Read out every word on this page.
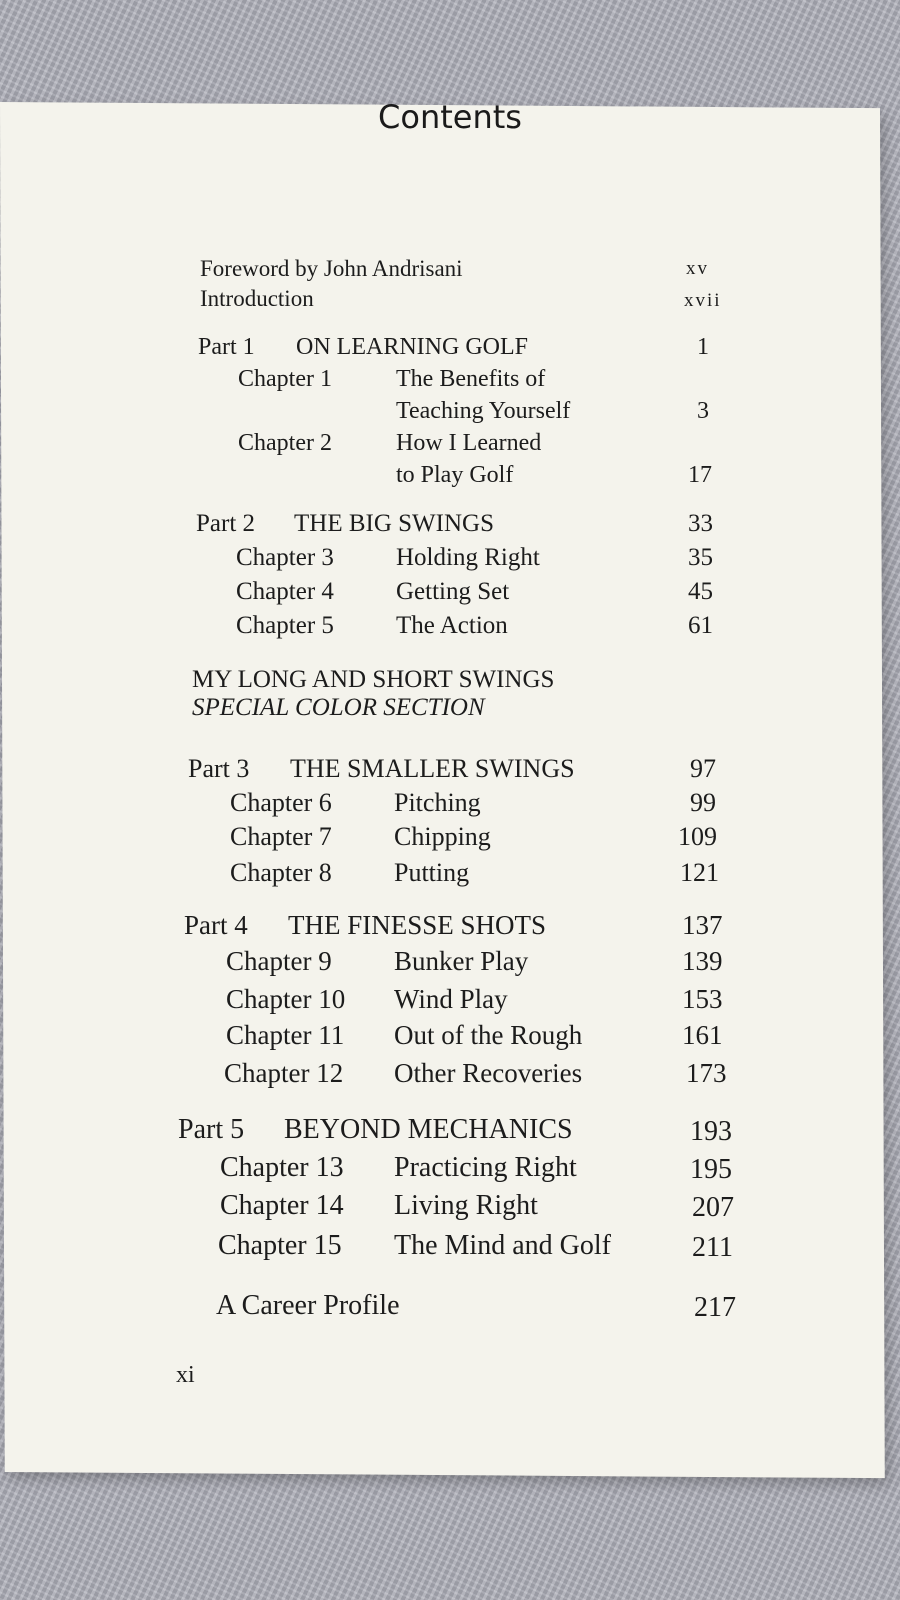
Contents
Foreword by John Andrisani	xv
Introduction	xvii
Part 1 ON LEARNING GOLF	1
Chapter 1	The Benefits of
Teaching Yourself	3
Chapter 2	How I Learned
to Play Golf	17
Part 2 THE BIG SWINGS	33
Chapter 3 Holding Right	35
Chapter 4 Getting Set	45
Chapter 5 The Action	61
MY LONG AND SHORT SWINGS
SPECIAL COLOR SECTION
Part 3 THE SMALLER SWINGS	97
Chapter 6 Pitching	99
Chapter 7 Chipping	109
Chapter 8 Putting	121
Part 4 THE FINESSE SHOTS	137
Chapter 9 Bunker Play	139
Chapter 10 Wind Play	153
Chapter 11 Out of the Rough	161
Chapter 12 Other Recoveries	173
Part 5 BEYOND MECHANICS	193
Chapter 13 Practicing Right	195
Chapter 14 Living Right	207
Chapter 15 The Mind and Golf	211
A Career Profile	217
xi
